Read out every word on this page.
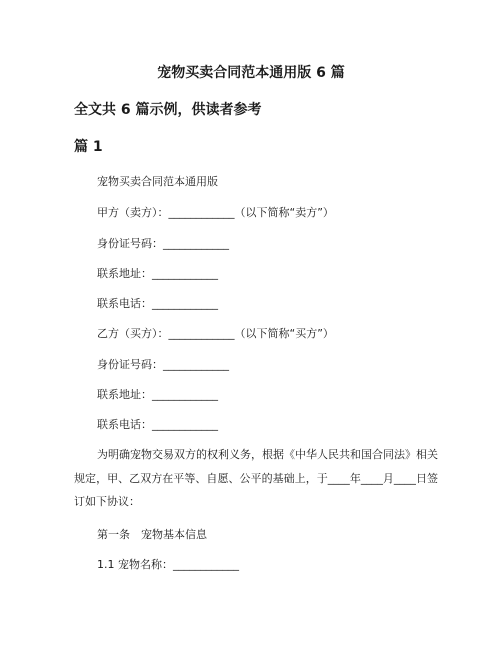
宠物买卖合同范本通用版 6 篇
全文共 6 篇示例，供读者参考
篇 1
宠物买卖合同范本通用版
甲方（卖方）：____________（以下简称“卖方”）
身份证号码：____________
联系地址：____________
联系电话：____________
乙方（买方）：____________（以下简称“买方”）
身份证号码：____________
联系地址：____________
联系电话：____________
为明确宠物交易双方的权利义务，根据《中华人民共和国合同法》相关规定，甲、乙双方在平等、自愿、公平的基础上，于____年____月____日签订如下协议：
第一条　宠物基本信息
1.1 宠物名称：____________
